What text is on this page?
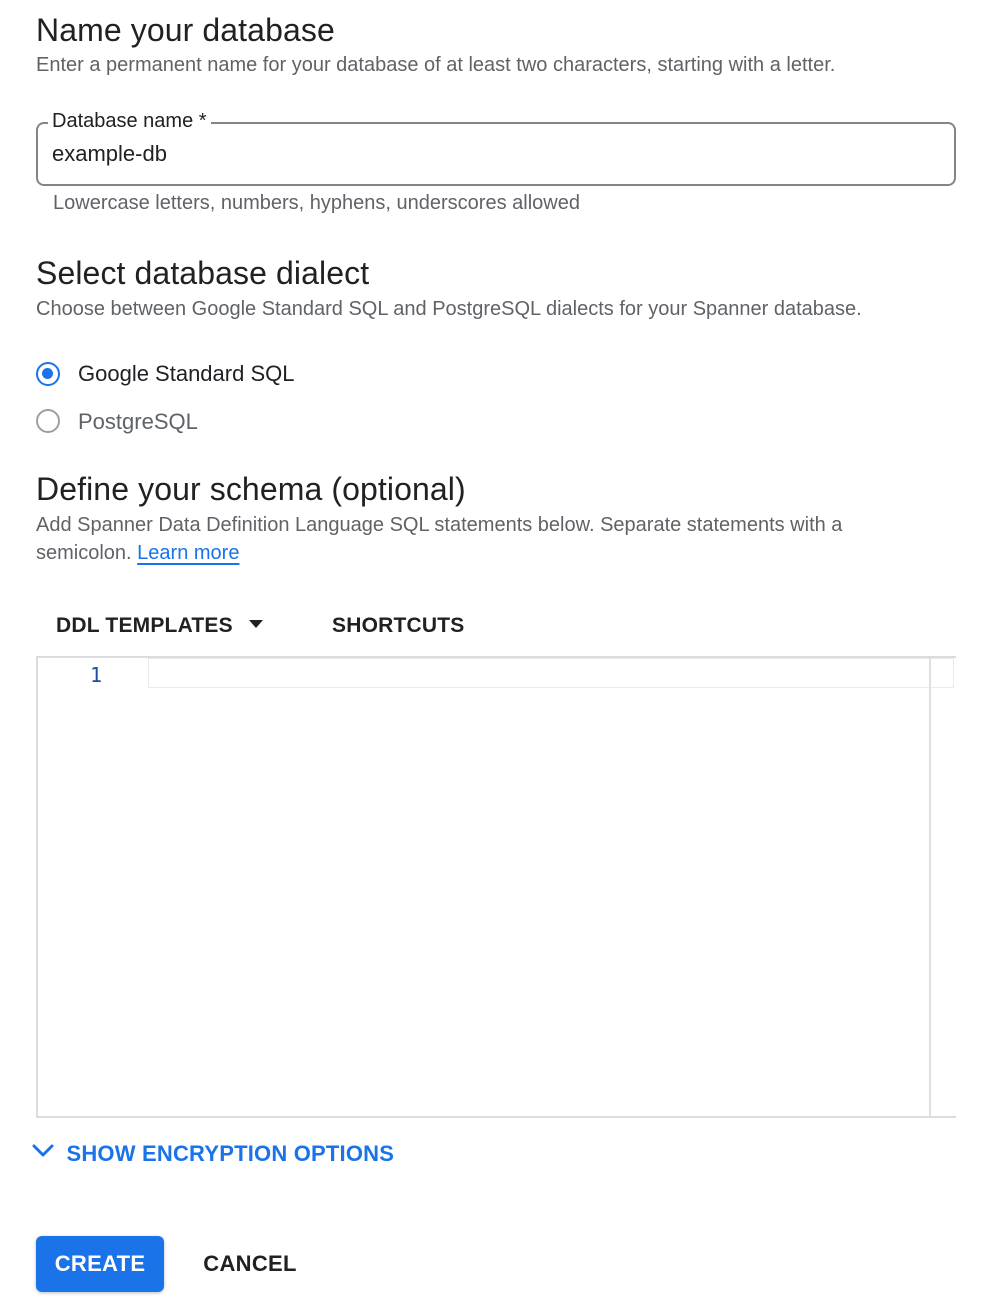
Name your database
Enter a permanent name for your database of at least two characters, starting with a letter.
Database name *
example-db
Lowercase letters, numbers, hyphens, underscores allowed
Select database dialect
Choose between Google Standard SQL and PostgreSQL dialects for your Spanner database.
Google Standard SQL
PostgreSQL
Define your schema (optional)
Add Spanner Data Definition Language SQL statements below. Separate statements with a
semicolon. Learn more
DDL TEMPLATES	SHORTCUTS
1
SHOW ENCRYPTION OPTIONS
CREATE	CANCEL
